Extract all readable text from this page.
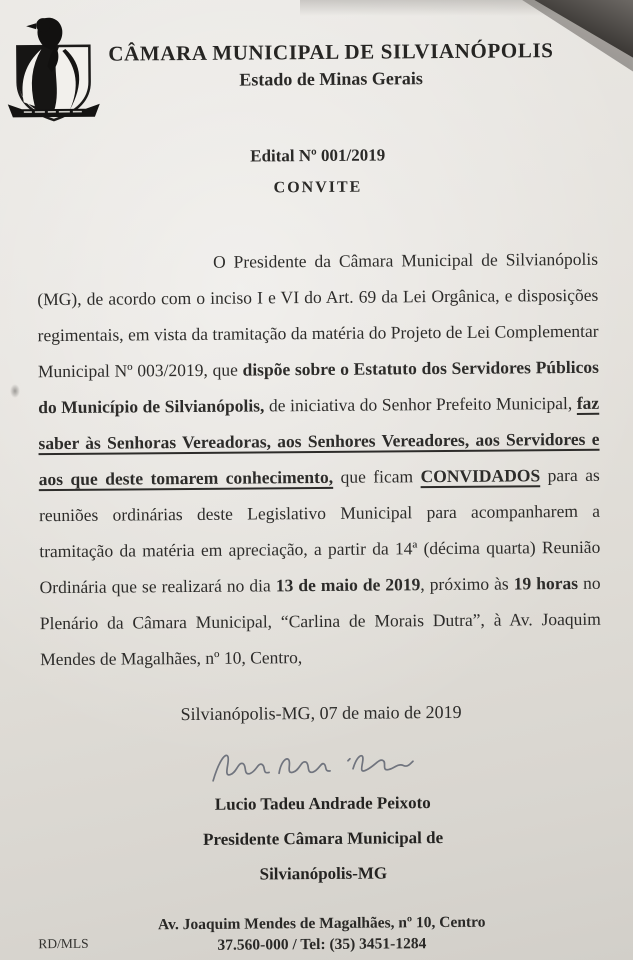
CÂMARA MUNICIPAL DE SILVIANÓPOLIS

Estado de Minas Gerais

Edital Nº 001/2019

CONVITE

O Presidente da Câmara Municipal de Silvianópolis (MG), de acordo com o inciso I e VI do Art. 69 da Lei Orgânica, e disposições regimentais, em vista da tramitação da matéria do Projeto de Lei Complementar Municipal Nº 003/2019, que dispõe sobre o Estatuto dos Servidores Públicos do Município de Silvianópolis, de iniciativa do Senhor Prefeito Municipal, faz saber às Senhoras Vereadoras, aos Senhores Vereadores, aos Servidores e aos que deste tomarem conhecimento, que ficam CONVIDADOS para as reuniões ordinárias deste Legislativo Municipal para acompanharem a tramitação da matéria em apreciação, a partir da 14ª (décima quarta) Reunião Ordinária que se realizará no dia 13 de maio de 2019, próximo às 19 horas no Plenário da Câmara Municipal, “Carlina de Morais Dutra”, à Av. Joaquim Mendes de Magalhães, nº 10, Centro,

Silvianópolis-MG, 07 de maio de 2019

Lucio Tadeu Andrade Peixoto

Presidente Câmara Municipal de

Silvianópolis-MG

Av. Joaquim Mendes de Magalhães, nº 10, Centro

37.560-000 / Tel: (35) 3451-1284

RD/MLS
